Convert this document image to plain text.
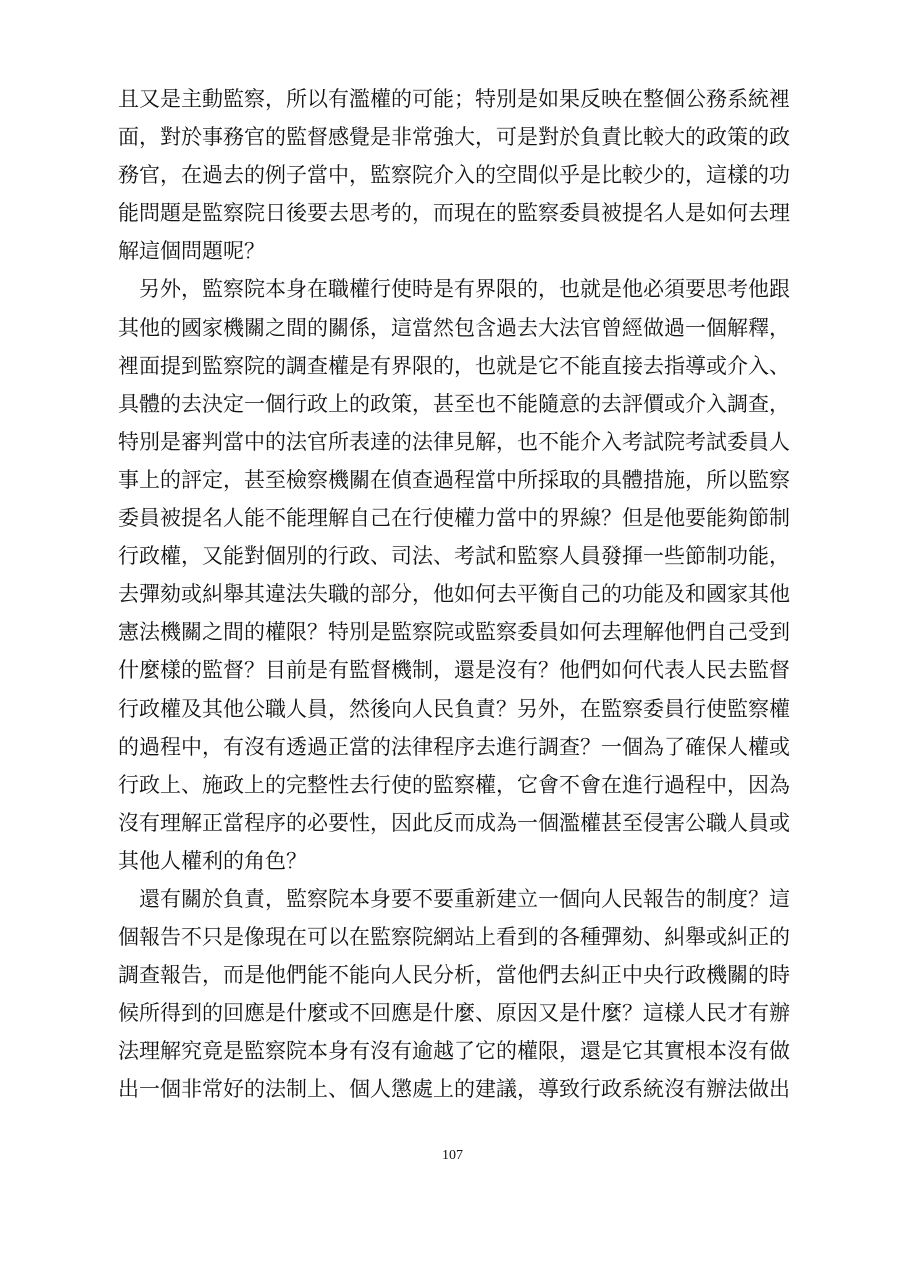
且又是主動監察，所以有濫權的可能；特別是如果反映在整個公務系統裡
面，對於事務官的監督感覺是非常強大，可是對於負責比較大的政策的政
務官，在過去的例子當中，監察院介入的空間似乎是比較少的，這樣的功
能問題是監察院日後要去思考的，而現在的監察委員被提名人是如何去理
解這個問題呢？
　另外，監察院本身在職權行使時是有界限的，也就是他必須要思考他跟
其他的國家機關之間的關係，這當然包含過去大法官曾經做過一個解釋，
裡面提到監察院的調查權是有界限的，也就是它不能直接去指導或介入、
具體的去決定一個行政上的政策，甚至也不能隨意的去評價或介入調查，
特別是審判當中的法官所表達的法律見解，也不能介入考試院考試委員人
事上的評定，甚至檢察機關在偵查過程當中所採取的具體措施，所以監察
委員被提名人能不能理解自己在行使權力當中的界線？但是他要能夠節制
行政權，又能對個別的行政、司法、考試和監察人員發揮一些節制功能，
去彈劾或糾舉其違法失職的部分，他如何去平衡自己的功能及和國家其他
憲法機關之間的權限？特別是監察院或監察委員如何去理解他們自己受到
什麼樣的監督？目前是有監督機制，還是沒有？他們如何代表人民去監督
行政權及其他公職人員，然後向人民負責？另外，在監察委員行使監察權
的過程中，有沒有透過正當的法律程序去進行調查？一個為了確保人權或
行政上、施政上的完整性去行使的監察權，它會不會在進行過程中，因為
沒有理解正當程序的必要性，因此反而成為一個濫權甚至侵害公職人員或
其他人權利的角色？
　還有關於負責，監察院本身要不要重新建立一個向人民報告的制度？這
個報告不只是像現在可以在監察院網站上看到的各種彈劾、糾舉或糾正的
調查報告，而是他們能不能向人民分析，當他們去糾正中央行政機關的時
候所得到的回應是什麼或不回應是什麼、原因又是什麼？這樣人民才有辦
法理解究竟是監察院本身有沒有逾越了它的權限，還是它其實根本沒有做
出一個非常好的法制上、個人懲處上的建議，導致行政系統沒有辦法做出
107
